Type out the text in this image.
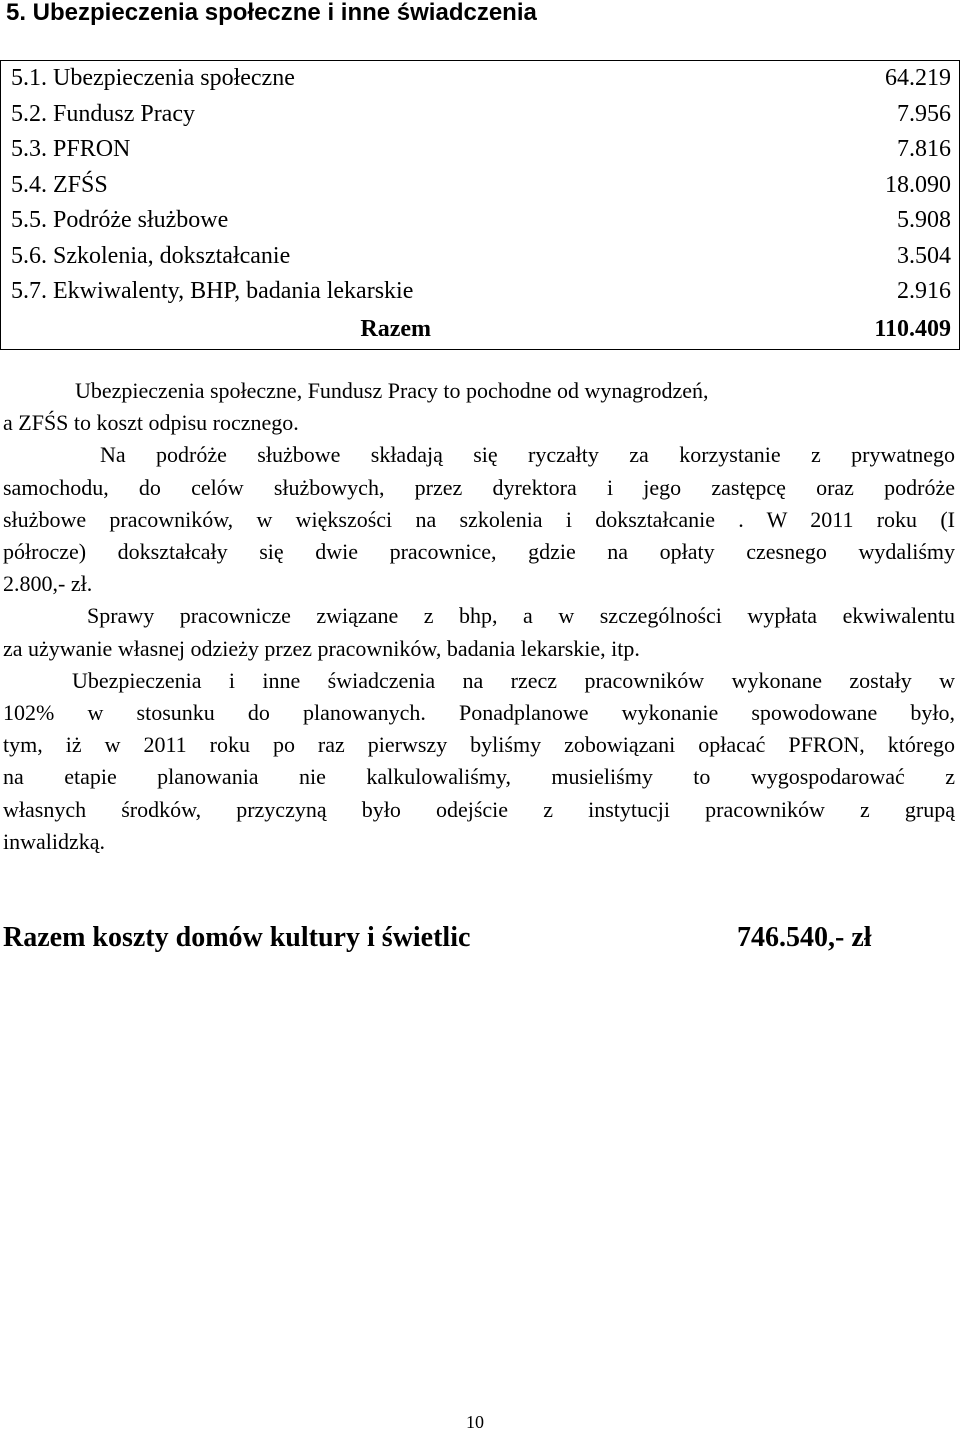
5. Ubezpieczenia społeczne i inne świadczenia
5.1. Ubezpieczenia społeczne	64.219
5.2. Fundusz Pracy	7.956
5.3. PFRON	7.816
5.4. ZFŚS	18.090
5.5. Podróże służbowe	5.908
5.6. Szkolenia, dokształcanie	3.504
5.7. Ekwiwalenty, BHP, badania lekarskie	2.916
Razem	110.409

Ubezpieczenia społeczne, Fundusz Pracy to pochodne od wynagrodzeń,
a ZFŚS to koszt odpisu rocznego.

Na podróże służbowe składają się ryczałty za korzystanie z prywatnego
samochodu, do celów służbowych, przez dyrektora i jego zastępcę oraz podróże
służbowe pracowników, w większości na szkolenia i dokształcanie . W 2011 roku (I
półrocze) dokształcały się dwie pracownice, gdzie na opłaty czesnego wydaliśmy
2.800,- zł.

Sprawy pracownicze związane z bhp, a w szczególności wypłata ekwiwalentu
za używanie własnej odzieży przez pracowników, badania lekarskie, itp.

Ubezpieczenia i inne świadczenia na rzecz pracowników wykonane zostały w
102% w stosunku do planowanych. Ponadplanowe wykonanie spowodowane było,
tym, iż w 2011 roku po raz pierwszy byliśmy zobowiązani opłacać PFRON, którego
na etapie planowania nie kalkulowaliśmy, musieliśmy to wygospodarować z
własnych środków, przyczyną było odejście z instytucji pracowników z grupą
inwalidzką.

Razem koszty domów kultury i świetlic	746.540,- zł
10
